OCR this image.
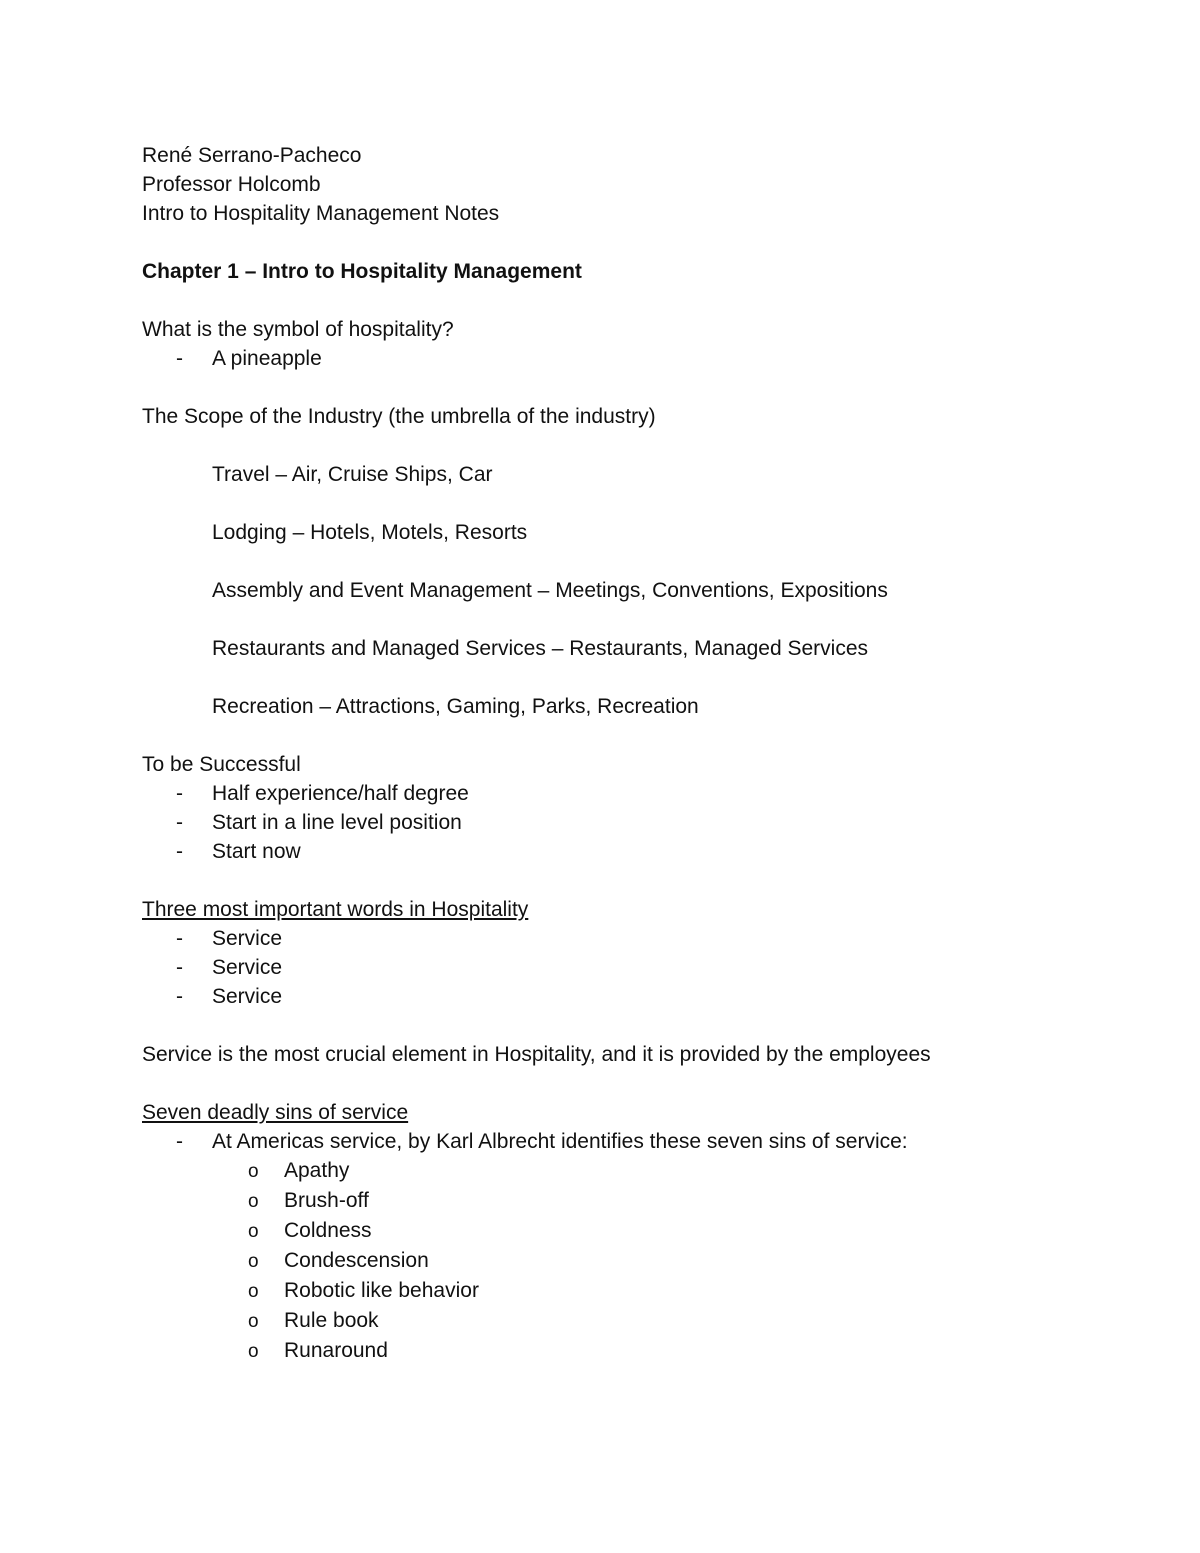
René Serrano-Pacheco
Professor Holcomb
Intro to Hospitality Management Notes
Chapter 1 – Intro to Hospitality Management
What is the symbol of hospitality?
-	A pineapple
The Scope of the Industry (the umbrella of the industry)
Travel – Air, Cruise Ships, Car
Lodging – Hotels, Motels, Resorts
Assembly and Event Management – Meetings, Conventions, Expositions
Restaurants and Managed Services – Restaurants, Managed Services
Recreation – Attractions, Gaming, Parks, Recreation
To be Successful
-	Half experience/half degree
-	Start in a line level position
-	Start now
Three most important words in Hospitality
-	Service
-	Service
-	Service
Service is the most crucial element in Hospitality, and it is provided by the employees
Seven deadly sins of service
-	At Americas service, by Karl Albrecht identifies these seven sins of service:
o	Apathy
o	Brush-off
o	Coldness
o	Condescension
o	Robotic like behavior
o	Rule book
o	Runaround
